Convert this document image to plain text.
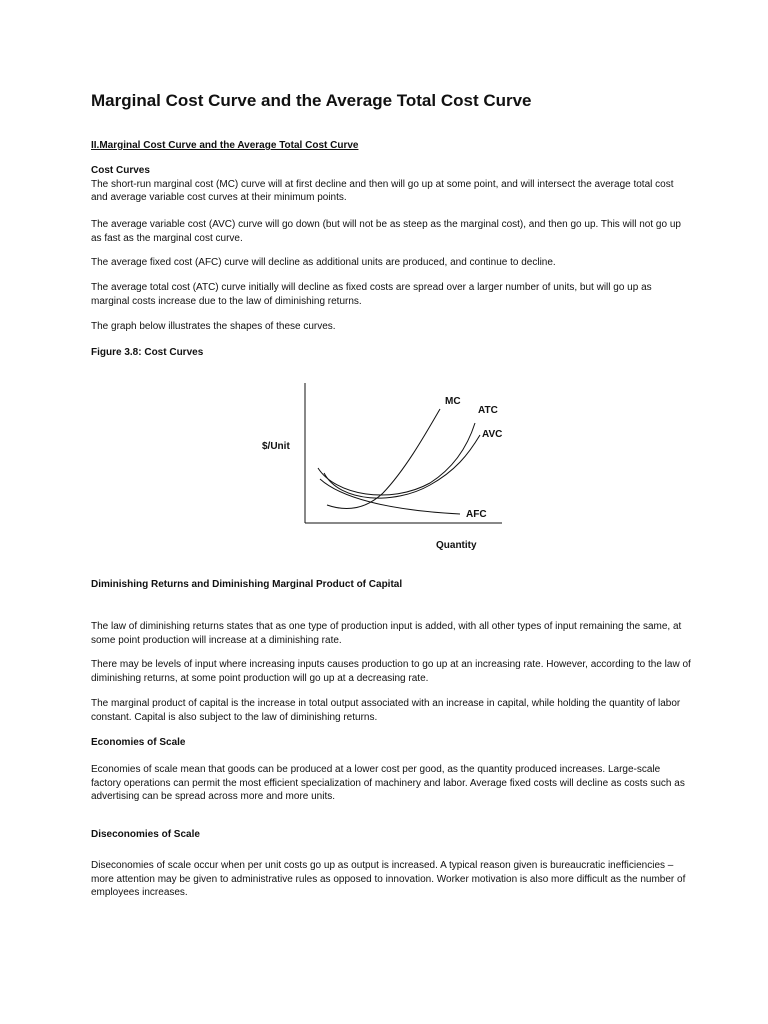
Marginal Cost Curve and the Average Total Cost Curve

II.Marginal Cost Curve and the Average Total Cost Curve

Cost Curves
The short-run marginal cost (MC) curve will at first decline and then will go up at some point, and will intersect the average total cost and average variable cost curves at their minimum points.

The average variable cost (AVC) curve will go down (but will not be as steep as the marginal cost), and then go up. This will not go up as fast as the marginal cost curve.

The average fixed cost (AFC) curve will decline as additional units are produced, and continue to decline.

The average total cost (ATC) curve initially will decline as fixed costs are spread over a larger number of units, but will go up as marginal costs increase due to the law of diminishing returns.

The graph below illustrates the shapes of these curves.

Figure 3.8: Cost Curves

$/Unit
Quantity
MC
ATC
AVC
AFC

Diminishing Returns and Diminishing Marginal Product of Capital

The law of diminishing returns states that as one type of production input is added, with all other types of input remaining the same, at some point production will increase at a diminishing rate.

There may be levels of input where increasing inputs causes production to go up at an increasing rate. However, according to the law of diminishing returns, at some point production will go up at a decreasing rate.

The marginal product of capital is the increase in total output associated with an increase in capital, while holding the quantity of labor constant. Capital is also subject to the law of diminishing returns.

Economies of Scale

Economies of scale mean that goods can be produced at a lower cost per good, as the quantity produced increases. Large-scale factory operations can permit the most efficient specialization of machinery and labor. Average fixed costs will decline as costs such as advertising can be spread across more and more units.

Diseconomies of Scale

Diseconomies of scale occur when per unit costs go up as output is increased. A typical reason given is bureaucratic inefficiencies – more attention may be given to administrative rules as opposed to innovation. Worker motivation is also more difficult as the number of employees increases.
